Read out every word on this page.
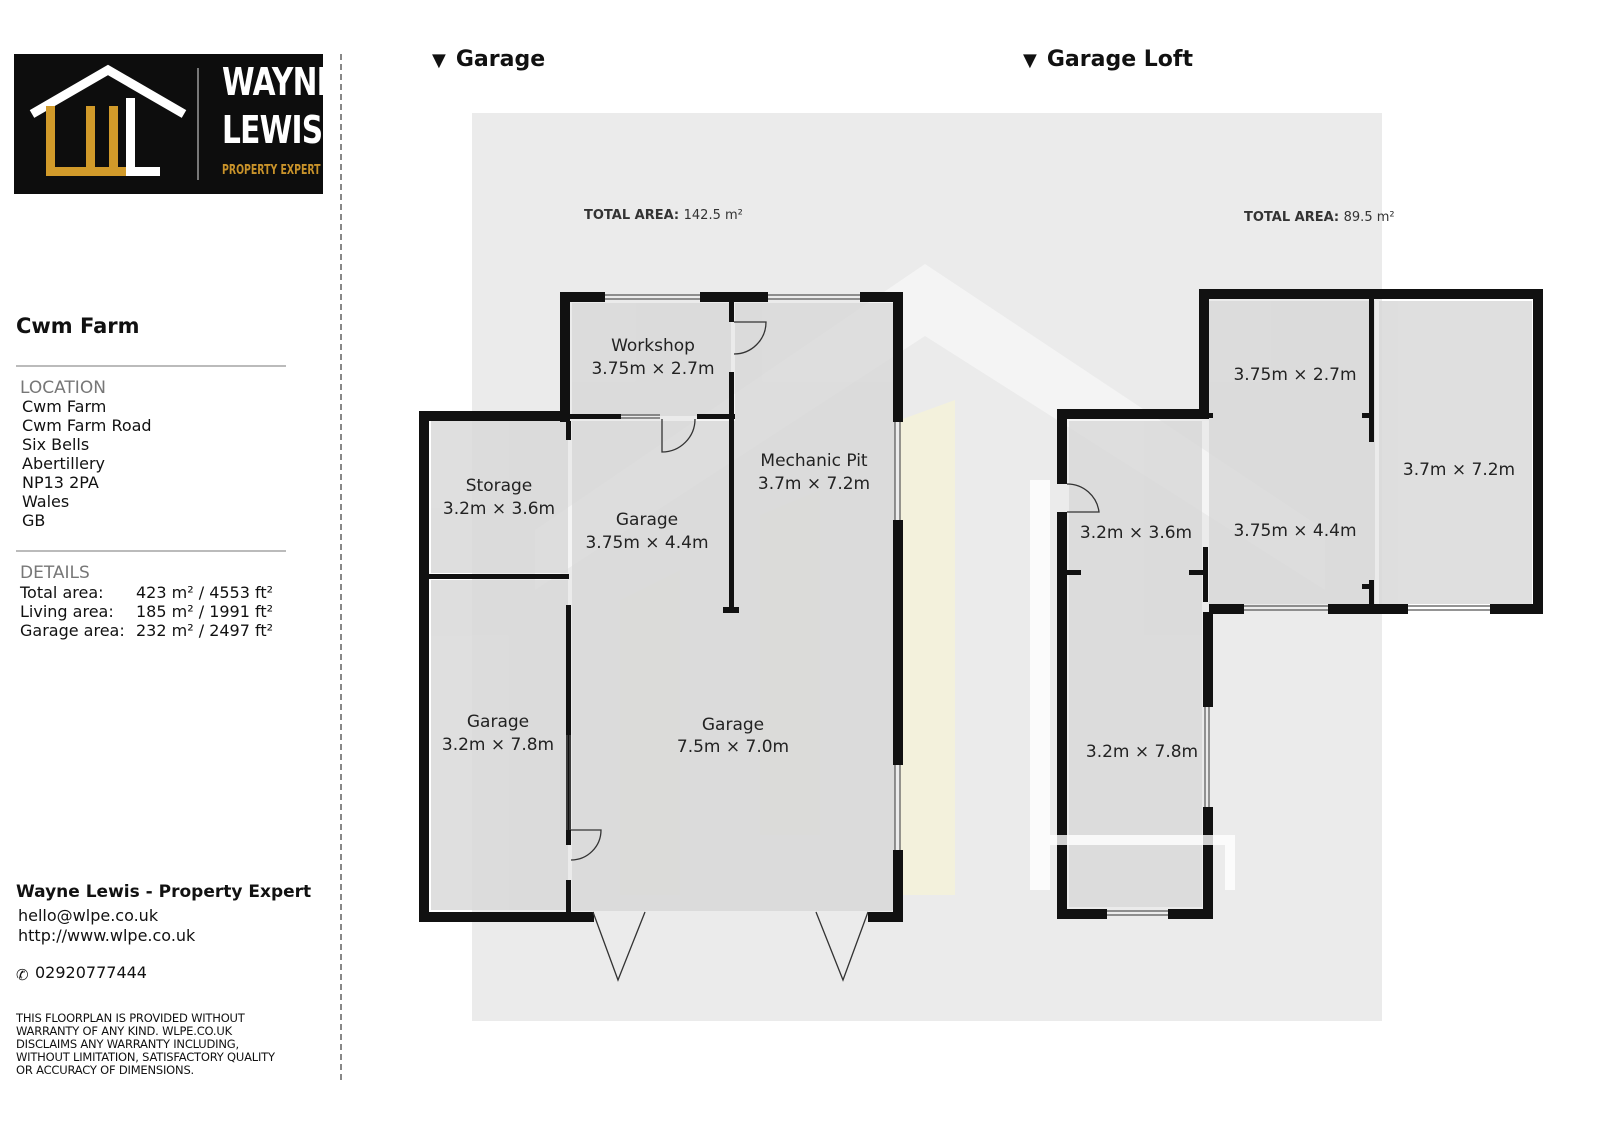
WAYNE
LEWIS
PROPERTY EXPERT
Cwm Farm
LOCATION
Cwm Farm
Cwm Farm Road
Six Bells
Abertillery
NP13 2PA
Wales
GB
DETAILS
Total area: 423 m² / 4553 ft²
Living area: 185 m² / 1991 ft²
Garage area: 232 m² / 2497 ft²
Wayne Lewis - Property Expert
hello@wlpe.co.uk
http://www.wlpe.co.uk
✆ 02920777444
THIS FLOORPLAN IS PROVIDED WITHOUT WARRANTY OF ANY KIND. WLPE.CO.UK DISCLAIMS ANY WARRANTY INCLUDING, WITHOUT LIMITATION, SATISFACTORY QUALITY OR ACCURACY OF DIMENSIONS.
▼ Garage	▼ Garage Loft
Workshop
3.75m × 2.7m
Storage
3.2m × 3.6m
Garage
3.75m × 4.4m
Mechanic Pit
3.7m × 7.2m
Garage
3.2m × 7.8m
Garage
7.5m × 7.0m
3.75m × 2.7m
3.7m × 7.2m
3.2m × 3.6m 3.75m × 4.4m
3.2m × 7.8m
TOTAL AREA: 142.5 m²	TOTAL AREA: 89.5 m²
